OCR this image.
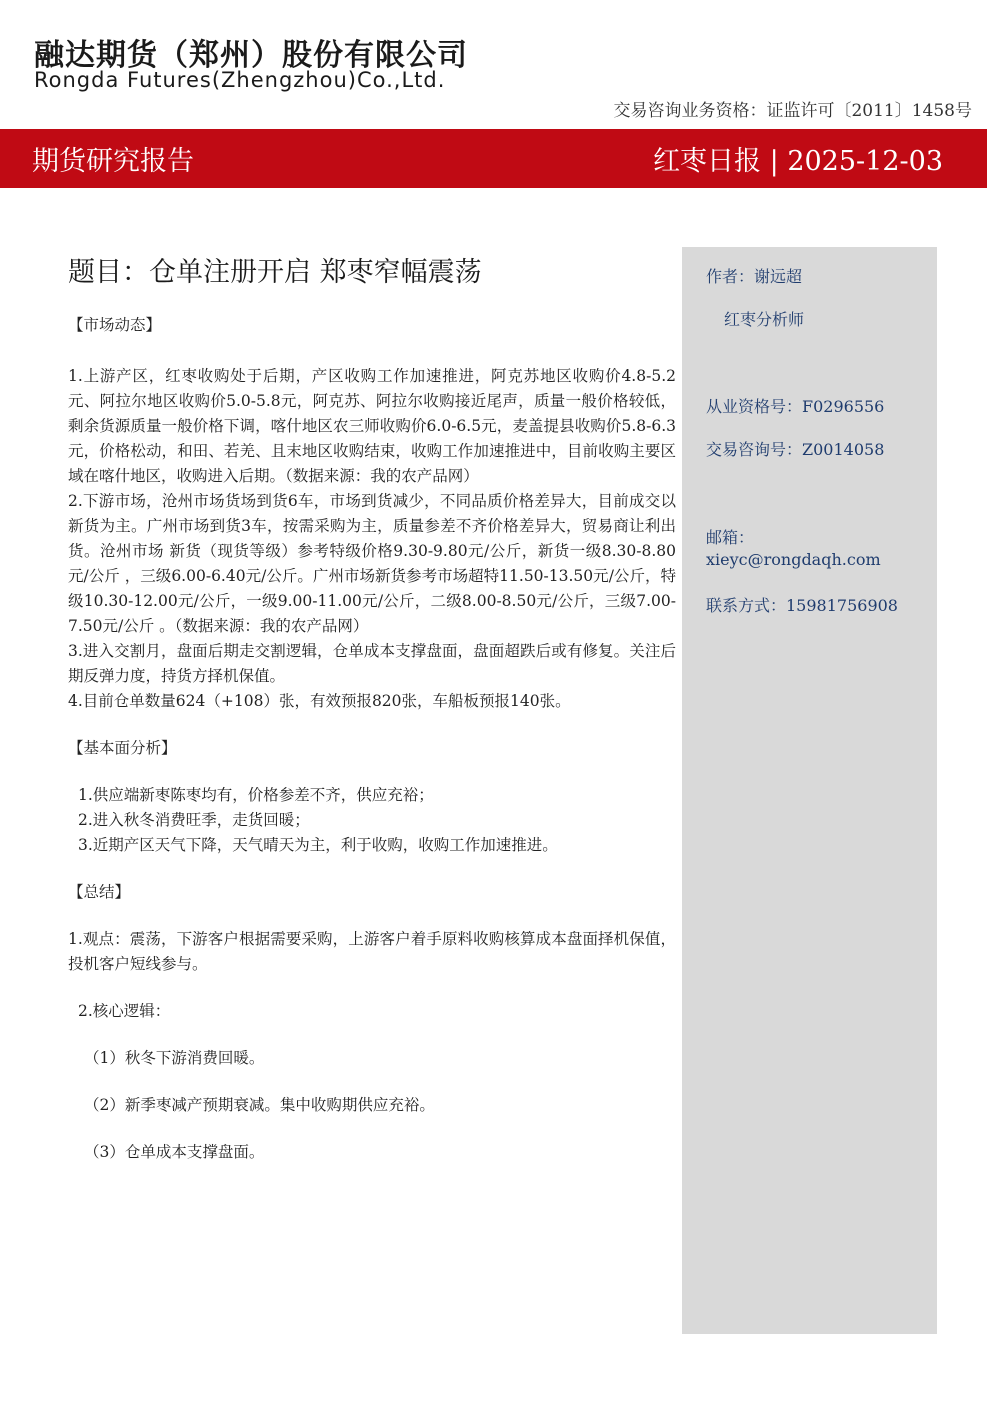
融达期货（郑州）股份有限公司
Rongda Futures(Zhengzhou)Co.,Ltd.
交易咨询业务资格：证监许可〔2011〕1458号
期货研究报告	红枣日报 | 2025-12-03
作者：谢远超
红枣分析师
从业资格号：F0296556
交易咨询号：Z0014058
邮箱：
xieyc@rongdaqh.com
联系方式：15981756908
题目：仓单注册开启 郑枣窄幅震荡
【市场动态】

1.上游产区，红枣收购处于后期，产区收购工作加速推进，阿克苏地区收购价4.8-5.2元、阿拉尔地区收购价5.0-5.8元，阿克苏、阿拉尔收购接近尾声，质量一般价格较低，剩余货源质量一般价格下调，喀什地区农三师收购价6.0-6.5元，麦盖提县收购价5.8-6.3元，价格松动，和田、若羌、且末地区收购结束，收购工作加速推进中，目前收购主要区域在喀什地区，收购进入后期。（数据来源：我的农产品网）

2.下游市场，沧州市场货场到货6车，市场到货减少，不同品质价格差异大，目前成交以新货为主。广州市场到货3车，按需采购为主，质量参差不齐价格差异大，贸易商让利出货。沧州市场 新货（现货等级）参考特级价格9.30-9.80元/公斤，新货一级8.30-8.80元/公斤 ，三级6.00-6.40元/公斤。广州市场新货参考市场超特11.50-13.50元/公斤，特级10.30-12.00元/公斤，一级9.00-11.00元/公斤，二级8.00-8.50元/公斤，三级7.00-7.50元/公斤 。（数据来源：我的农产品网）

3.进入交割月，盘面后期走交割逻辑，仓单成本支撑盘面，盘面超跌后或有修复。关注后期反弹力度，持货方择机保值。

4.目前仓单数量624（+108）张，有效预报820张，车船板预报140张。

【基本面分析】

1.供应端新枣陈枣均有，价格参差不齐，供应充裕；

2.进入秋冬消费旺季，走货回暖；

3.近期产区天气下降，天气晴天为主，利于收购，收购工作加速推进。

【总结】

1.观点：震荡，下游客户根据需要采购，上游客户着手原料收购核算成本盘面择机保值，投机客户短线参与。

2.核心逻辑：

（1）秋冬下游消费回暖。

（2）新季枣减产预期衰减。集中收购期供应充裕。

（3）仓单成本支撑盘面。
